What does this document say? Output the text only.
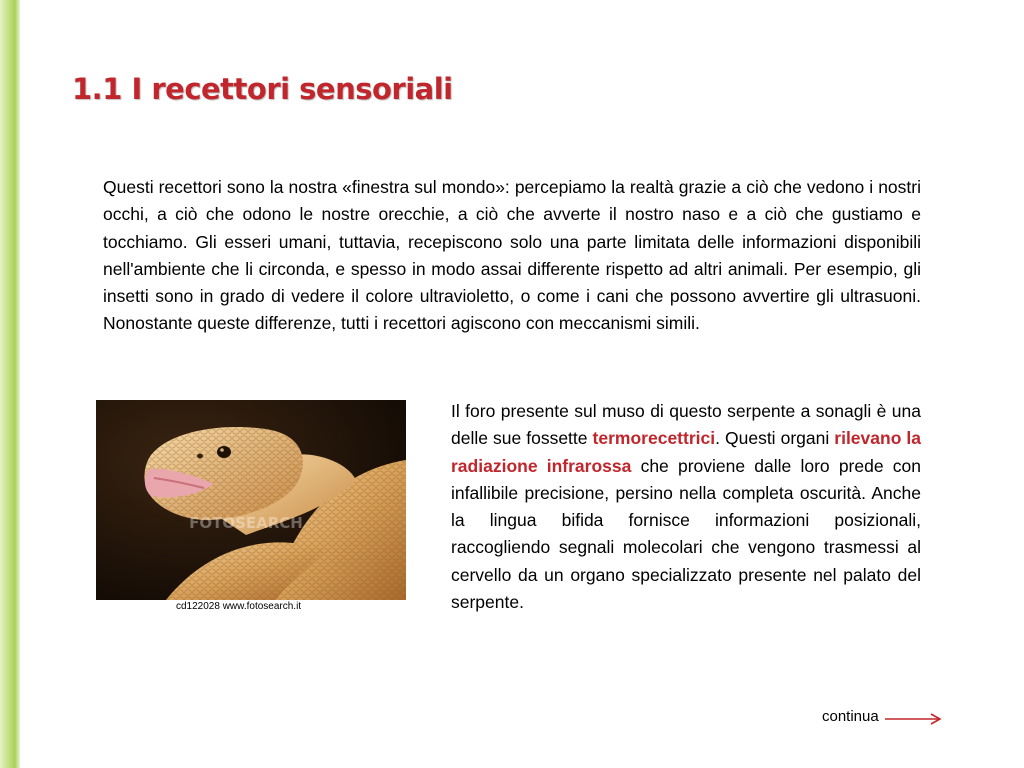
1.1 I recettori sensoriali

Questi recettori sono la nostra «finestra sul mondo»: percepiamo la realtà grazie a ciò che vedono i nostri occhi, a ciò che odono le nostre orecchie, a ciò che avverte il nostro naso e a ciò che gustiamo e tocchiamo. Gli esseri umani, tuttavia, recepiscono solo una parte limitata delle informazioni disponibili nell'ambiente che li circonda, e spesso in modo assai differente rispetto ad altri animali. Per esempio, gli insetti sono in grado di vedere il colore ultravioletto, o come i cani che possono avvertire gli ultrasuoni. Nonostante queste differenze, tutti i recettori agiscono con meccanismi simili.

FOTOSEARCH

cd122028 www.fotosearch.it

Il foro presente sul muso di questo serpente a sonagli è una delle sue fossette termorecettrici. Questi organi rilevano la radiazione infrarossa che proviene dalle loro prede con infallibile precisione, persino nella completa oscurità. Anche la lingua bifida fornisce informazioni posizionali, raccogliendo segnali molecolari che vengono trasmessi al cervello da un organo specializzato presente nel palato del serpente.

continua
